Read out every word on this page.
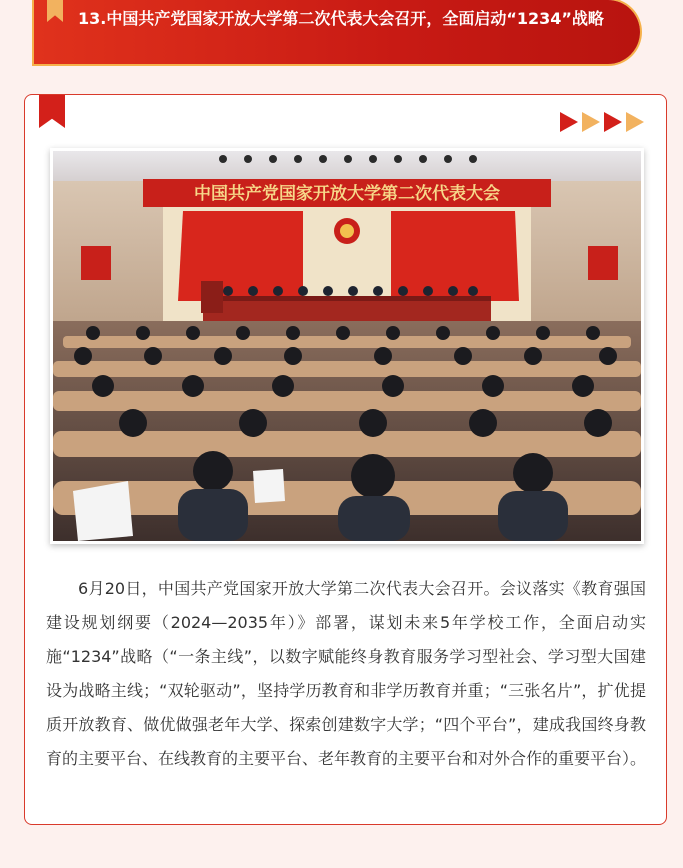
13.中国共产党国家开放大学第二次代表大会召开，全面启动“1234”战略
中国共产党国家开放大学第二次代表大会

6月20日，中国共产党国家开放大学第二次代表大会召开。会议落实《教育强国建设规划纲要（2024—2035年）》部署，谋划未来5年学校工作，全面启动实施“1234”战略（“一条主线”，以数字赋能终身教育服务学习型社会、学习型大国建设为战略主线；“双轮驱动”，坚持学历教育和非学历教育并重；“三张名片”，扩优提质开放教育、做优做强老年大学、探索创建数字大学；“四个平台”，建成我国终身教育的主要平台、在线教育的主要平台、老年教育的主要平台和对外合作的重要平台）。
